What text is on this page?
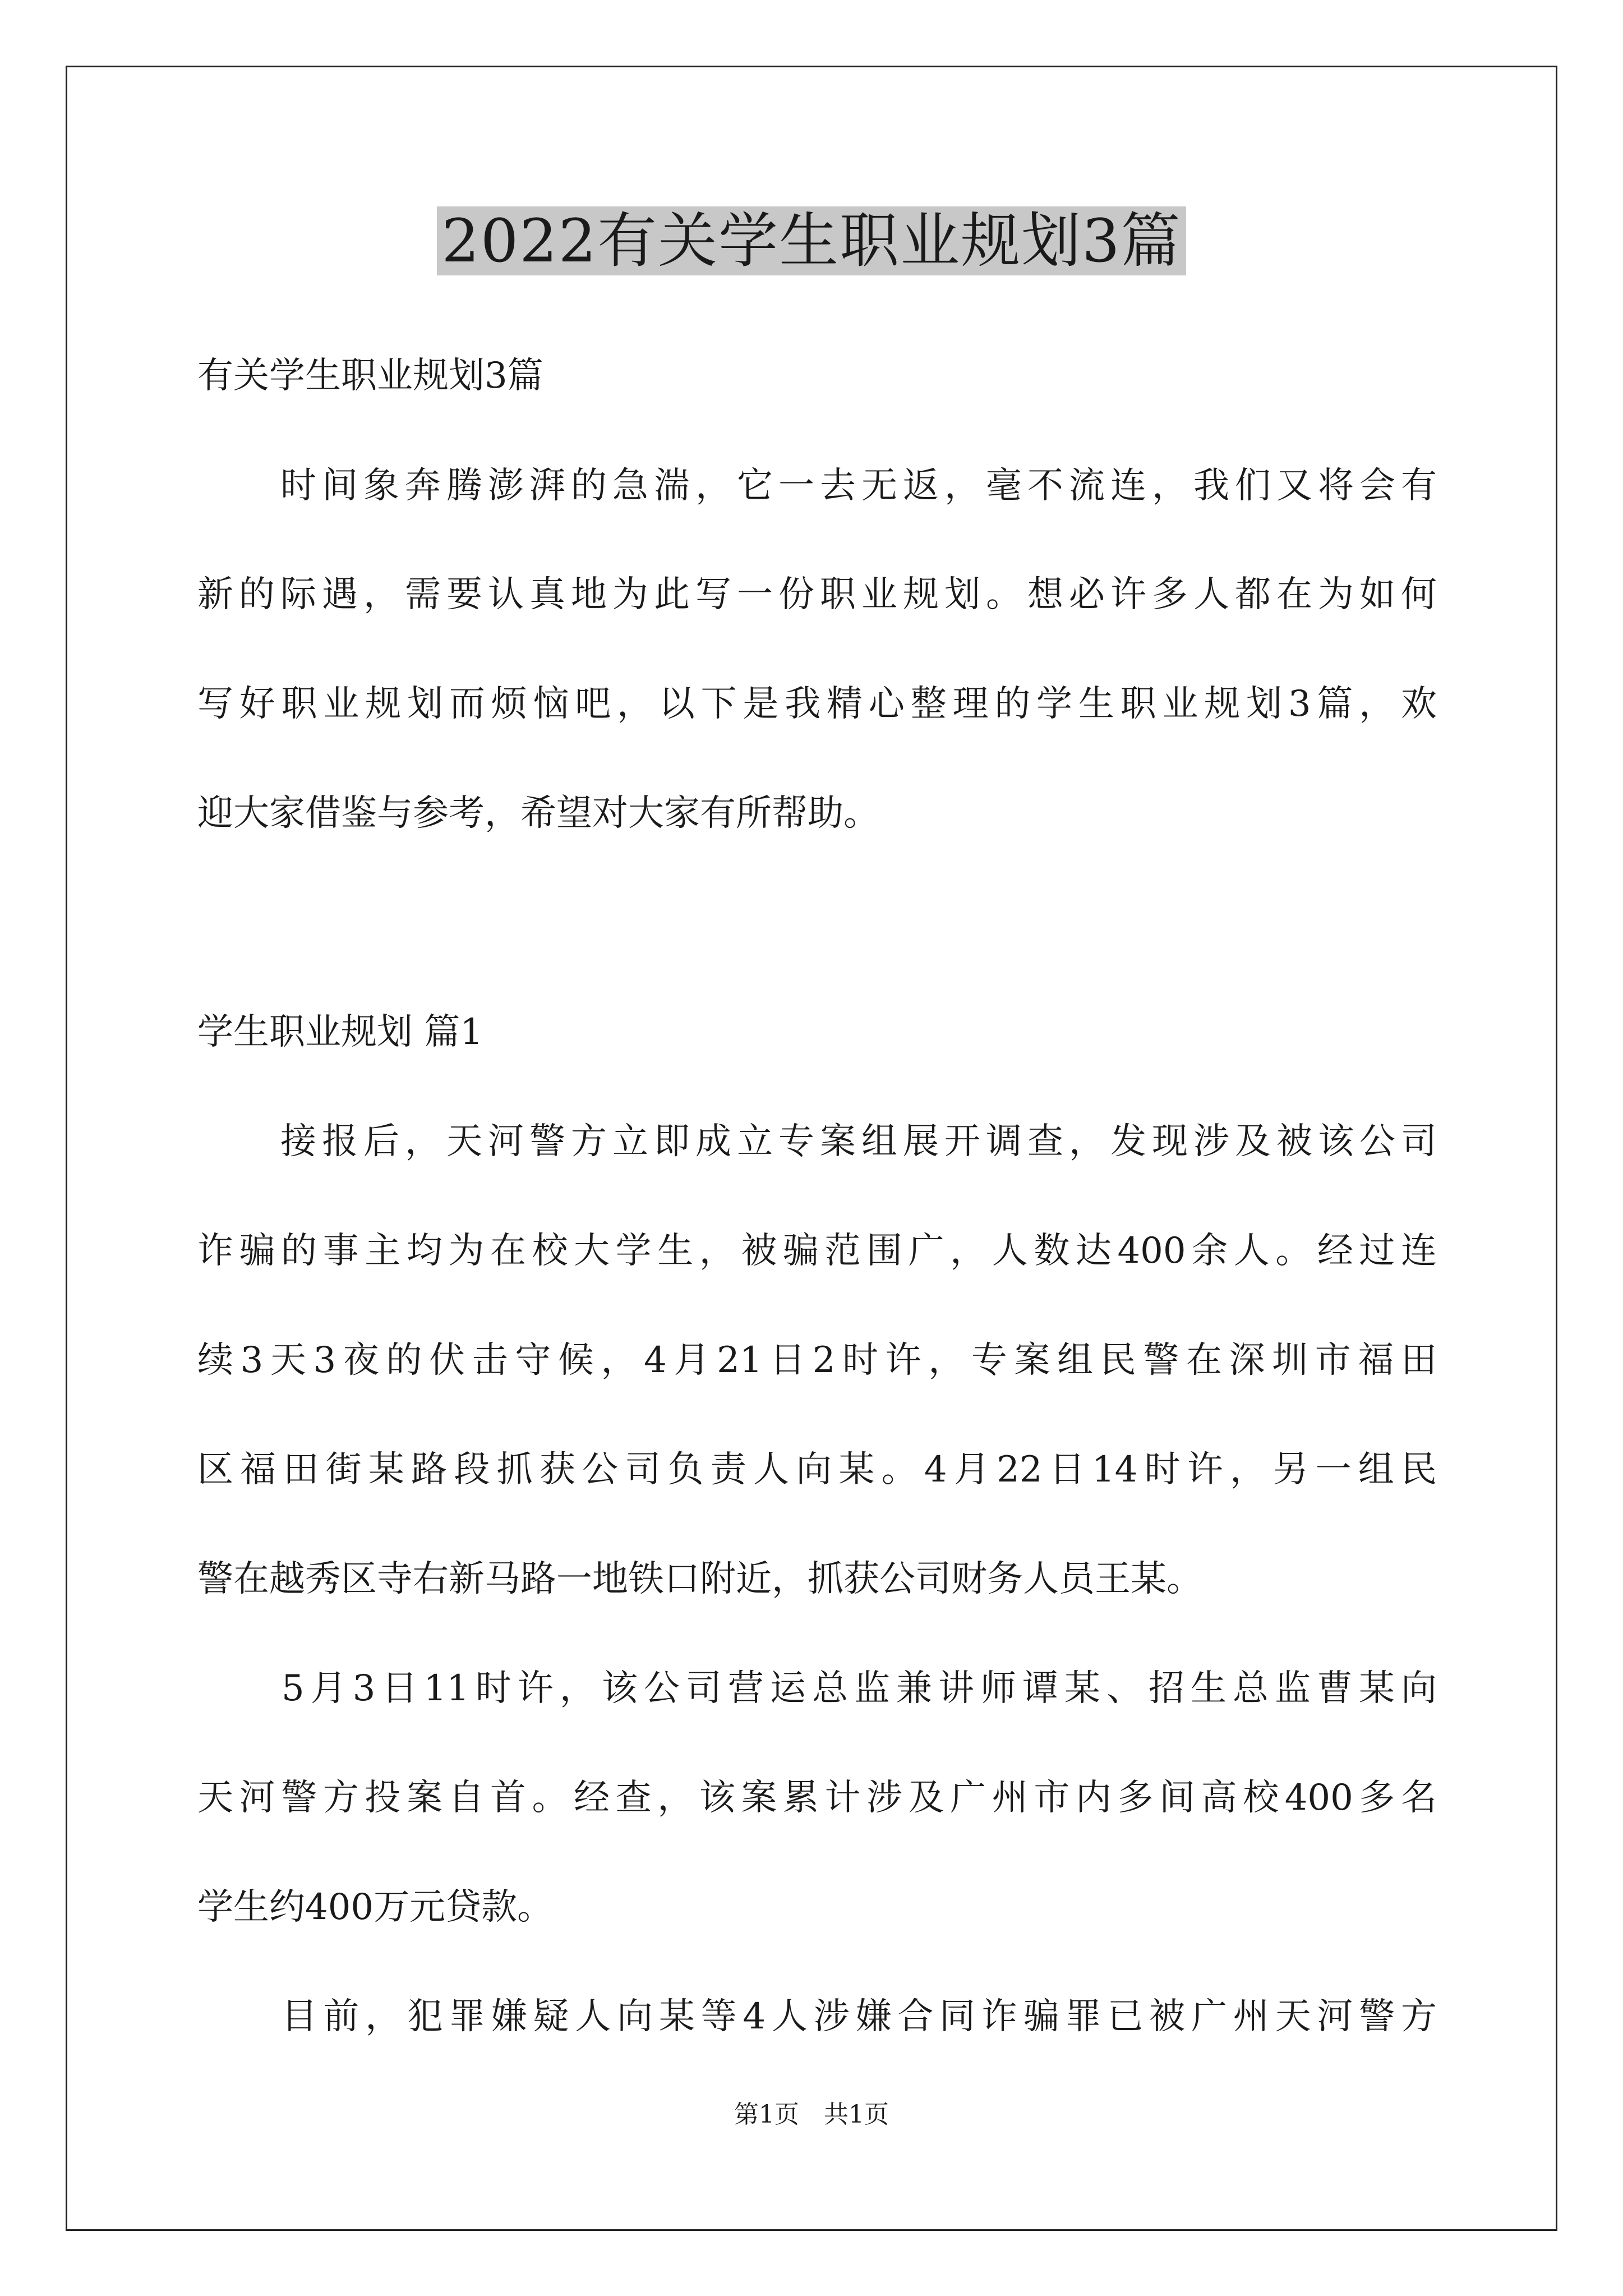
2022有关学生职业规划3篇

有关学生职业规划3篇

　　时间象奔腾澎湃的急湍，它一去无返，毫不流连，我们又将会有

新的际遇，需要认真地为此写一份职业规划。想必许多人都在为如何

写好职业规划而烦恼吧，以下是我精心整理的学生职业规划3篇，欢

迎大家借鉴与参考，希望对大家有所帮助。

学生职业规划 篇1

　　接报后，天河警方立即成立专案组展开调查，发现涉及被该公司

诈骗的事主均为在校大学生，被骗范围广，人数达400余人。经过连

续3天3夜的伏击守候，4月21日2时许，专案组民警在深圳市福田

区福田街某路段抓获公司负责人向某。4月22日14时许，另一组民

警在越秀区寺右新马路一地铁口附近，抓获公司财务人员王某。

　　5月3日11时许，该公司营运总监兼讲师谭某、招生总监曹某向

天河警方投案自首。经查，该案累计涉及广州市内多间高校400多名

学生约400万元贷款。

　　目前，犯罪嫌疑人向某等4人涉嫌合同诈骗罪已被广州天河警方

第1页　共1页
